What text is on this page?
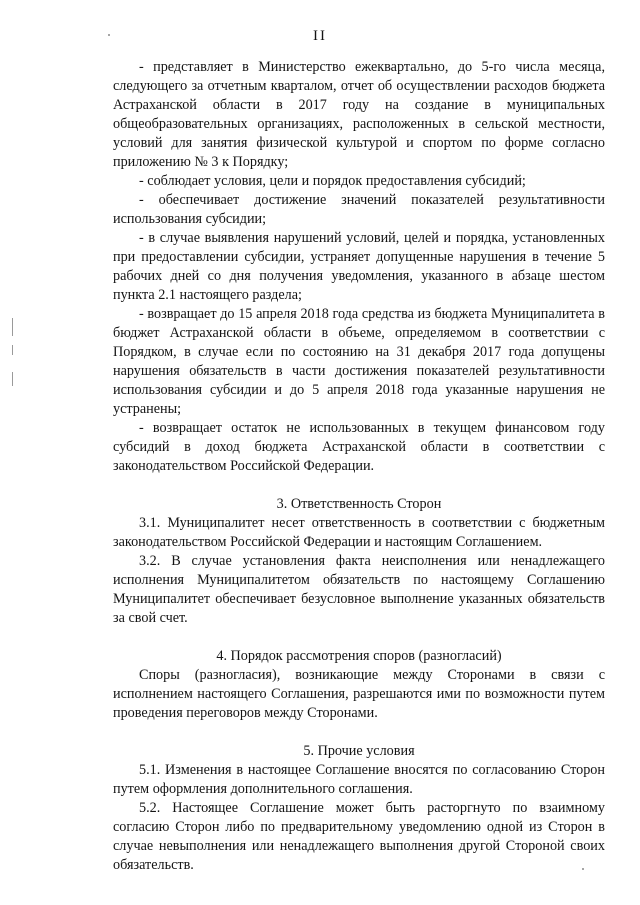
II

- представляет в Министерство ежеквартально, до 5-го числа месяца, следующего за отчетным кварталом, отчет об осуществлении расходов бюджета Астраханской области в 2017 году на создание в муниципальных общеобразовательных организациях, расположенных в сельской местности, условий для занятия физической культурой и спортом по форме согласно приложению № 3 к Порядку;

- соблюдает условия, цели и порядок предоставления субсидий;

- обеспечивает достижение значений показателей результативности использования субсидии;

- в случае выявления нарушений условий, целей и порядка, установленных при предоставлении субсидии, устраняет допущенные нарушения в течение 5 рабочих дней со дня получения уведомления, указанного в абзаце шестом пункта 2.1 настоящего раздела;

- возвращает до 15 апреля 2018 года средства из бюджета Муниципалитета в бюджет Астраханской области в объеме, определяемом в соответствии с Порядком, в случае если по состоянию на 31 декабря 2017 года допущены нарушения обязательств в части достижения показателей результативности использования субсидии и до 5 апреля 2018 года указанные нарушения не устранены;

- возвращает остаток не использованных в текущем финансовом году субсидий в доход бюджета Астраханской области в соответствии с законодательством Российской Федерации.

3. Ответственность Сторон

3.1. Муниципалитет несет ответственность в соответствии с бюджетным законодательством Российской Федерации и настоящим Соглашением.

3.2. В случае установления факта неисполнения или ненадлежащего исполнения Муниципалитетом обязательств по настоящему Соглашению Муниципалитет обеспечивает безусловное выполнение указанных обязательств за свой счет.

4. Порядок рассмотрения споров (разногласий)

Споры (разногласия), возникающие между Сторонами в связи с исполнением настоящего Соглашения, разрешаются ими по возможности путем проведения переговоров между Сторонами.

5. Прочие условия

5.1. Изменения в настоящее Соглашение вносятся по согласованию Сторон путем оформления дополнительного соглашения.

5.2. Настоящее Соглашение может быть расторгнуто по взаимному согласию Сторон либо по предварительному уведомлению одной из Сторон в случае невыполнения или ненадлежащего выполнения другой Стороной своих обязательств.
